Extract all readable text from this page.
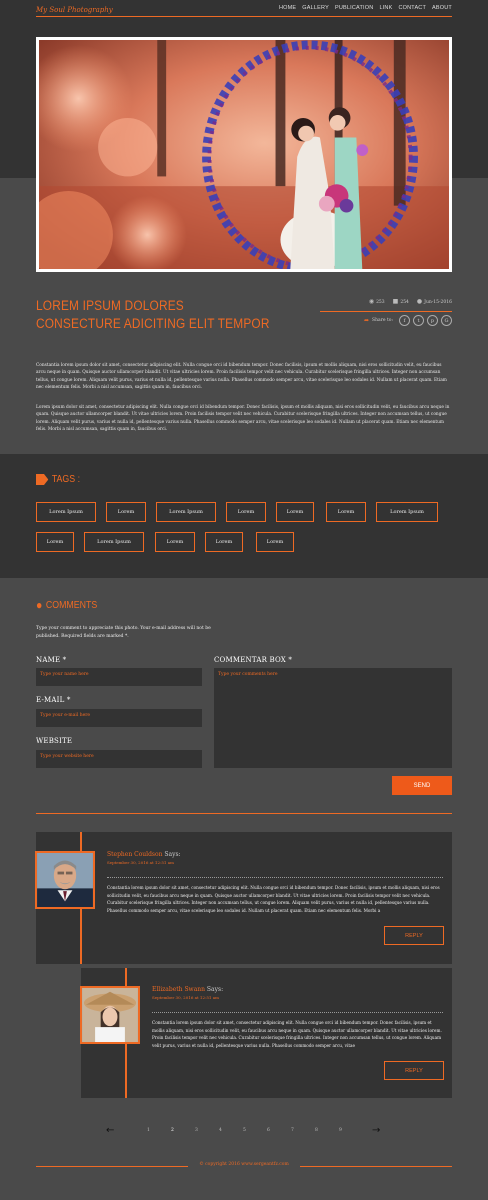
My Soul Photography	HOME GALLERY PUBLICATION LINK CONTACT ABOUT
LOREM IPSUM DOLORES
CONSECTURE ADICITING ELIT TEMPOR
◉ 253 ■ 254 ● Jun-15-2016
➦ Share to:	f	t	p	G

Constantia lorem ipsum dolor sit amet, consectetur adipiscing elit. Nulla congue orci id bibendum tempor. Donec facilisis, ipsum et mollis aliquam, nisi eros sollicitudin velit, eu faucibus arcu neque in quam. Quisque auctor ullamcorper blandit. Ut vitae ultricies lorem. Proin facilisis tempor velit nec vehicula. Curabitur scelerisque fringilla ultrices. Integer non accumsan tellus, ut congue lorem. Aliquam velit purus, varius et nulla id, pellentesque varius nulla. Phasellus commodo semper arcu, vitae scelerisque leo sodales id. Nullam ut placerat quam. Etiam nec elementum felis. Morbi a nisl accumsan, sagittis quam in, faucibus orci.

Lorem ipsum dolor sit amet, consectetur adipiscing elit. Nulla congue orci id bibendum tempor. Donec facilisis, ipsum et mollis aliquam, nisi eros sollicitudin velit, eu faucibus arcu neque in quam. Quisque auctor ullamcorper blandit. Ut vitae ultricies lorem. Proin facilisis tempor velit nec vehicula. Curabitur scelerisque fringilla ultrices. Integer non accumsan tellus, ut congue lorem. Aliquam velit purus, varius et nulla id, pellentesque varius nulla. Phasellus commodo semper arcu, vitae scelerisque leo sodales id. Nullam ut placerat quam. Etiam nec elementum felis. Morbi a nisl accumsan, sagittis quam in, faucibus orci.

TAGS :
Lorem Ipsum	Lorem	Lorem Ipsum	Lorem	Lorem	Lorem	Lorem Ipsum
Lorem	Lorem Ipsum	Lorem	Lorem	Lorem
● COMMENTS

Type your comment to appreciate this photo. Your e-mail address will not be published. Required fields are marked *.

NAME *
Type your name here
E-MAIL *
Type your e-mail here
WEBSITE
Type your website here
COMMENTAR BOX *
Type your comments here
SEND
Stephen Couldson Says:
September 30, 2016 at 12:51 am
Constantia lorem ipsum dolor sit amet, consectetur adipiscing elit. Nulla congue orci id bibendum tempor. Donec facilisis, ipsum et mollis aliquam, nisi eros sollicitudin velit, eu faucibus arcu neque in quam. Quisque auctor ullamcorper blandit. Ut vitae ultricies lorem. Proin facilisis tempor velit nec vehicula. Curabitur scelerisque fringilla ultrices. Integer non accumsan tellus, ut congue lorem. Aliquam velit purus, varius et nulla id, pellentesque varius nulla. Phasellus commodo semper arcu, vitae scelerisque leo sodales id. Nullam ut placerat quam. Etiam nec elementum felis. Morbi a
REPLY
Ellizabeth Swann Says:
September 30, 2016 at 12:51 am
Constantia lorem ipsum dolor sit amet, consectetur adipiscing elit. Nulla congue orci id bibendum tempor. Donec facilisis, ipsum et mollis aliquam, nisi eros sollicitudin velit, eu faucibus arcu neque in quam. Quisque auctor ullamcorper blandit. Ut vitae ultricies lorem. Proin facilisis tempor velit nec vehicula. Curabitur scelerisque fringilla ultrices. Integer non accumsan tellus, ut congue lorem. Aliquam velit purus, varius et nulla id, pellentesque varius nulla. Phasellus commodo semper arcu, vitae
REPLY
←	1	2	3	4	5	6	7	8	9	→
© copyright 2016 www.sergeantfz.com
